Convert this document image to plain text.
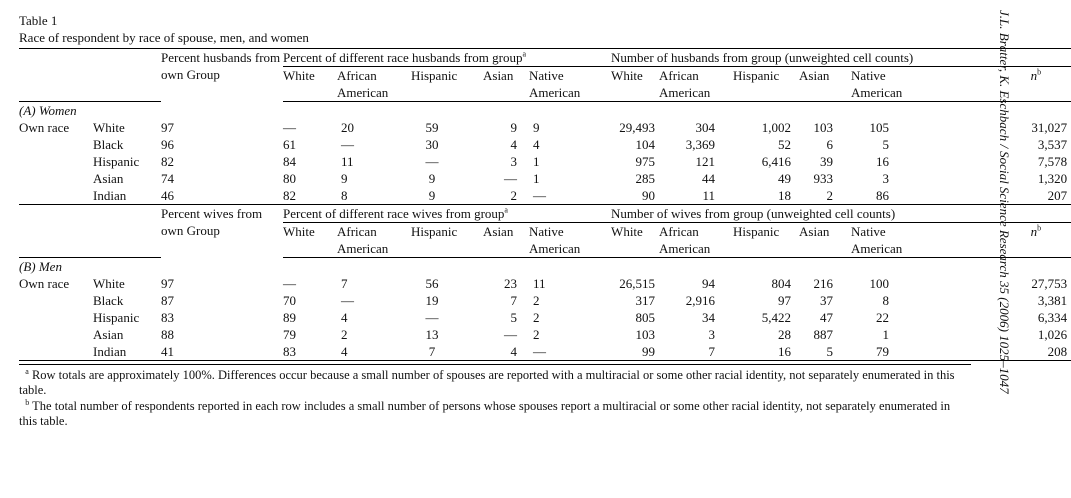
Table 1
Race of respondent by race of spouse, men, and women
		Percent husbands from own Group	Percent of different race husbands from group$^a$					Number of husbands from group (unweighted cell counts)					
			White	African
American	Hispanic	Asian	Native
American	White	African
American	Hispanic	Asian	Native
American	$n^b$
(A) Women													
Own race	White	97	—	20	59	9	9	29,493	304	1,002	103	105	31,027
	Black	96	61	—	30	4	4	104	3,369	52	6	5	3,537
	Hispanic	82	84	11	—	3	1	975	121	6,416	39	16	7,578
	Asian	74	80	9	9	—	1	285	44	49	933	3	1,320
	Indian	46	82	8	9	2	—	90	11	18	2	86	207
		Percent wives from own Group	Percent of different race wives from group$^a$					Number of wives from group (unweighted cell counts)					
			White	African
American	Hispanic	Asian	Native
American	White	African
American	Hispanic	Asian	Native
American	$n^b$
(B) Men													
Own race	White	97	—	7	56	23	11	26,515	94	804	216	100	27,753
	Black	87	70	—	19	7	2	317	2,916	97	37	8	3,381
	Hispanic	83	89	4	—	5	2	805	34	5,422	47	22	6,334
	Asian	88	79	2	13	—	2	103	3	28	887	1	1,026
	Indian	41	83	4	7	4	—	99	7	16	5	79	208

$^a$ Row totals are approximately 100%. Differences occur because a small number of spouses are reported with a multiracial or some other racial identity, not separately enumerated in this table.

$^b$ The total number of respondents reported in each row includes a small number of persons whose spouses report a multiracial or some other racial identity, not separately enumerated in this table.

J.L. Bratter, K. Eschbach / Social Science Research 35 (2006) 1025–1047
